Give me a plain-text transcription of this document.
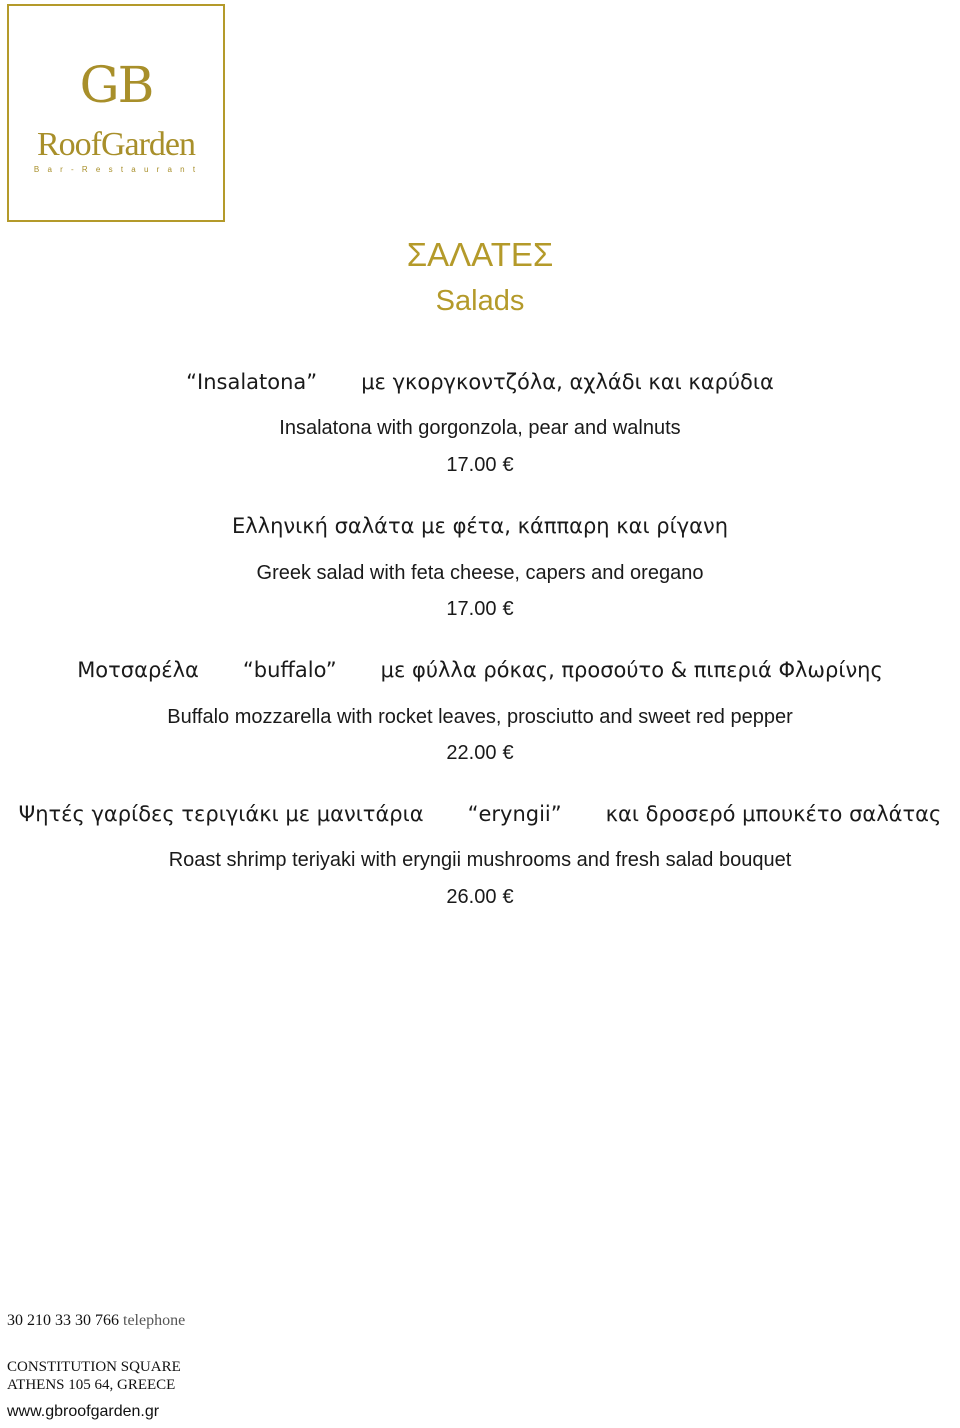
GB
RoofGarden
B a r - R e s t a u r a n t
ΣΑΛΑΤΕΣ
Salads
“Insalatona” με γκοργκοντζόλα, αχλάδι και καρύδια
Insalatona with gorgonzola, pear and walnuts
17.00 €
Ελληνική σαλάτα με φέτα, κάππαρη και ρίγανη
Greek salad with feta cheese, capers and oregano
17.00 €
Μοτσαρέλα “buffalo” με φύλλα ρόκας, προσούτο & πιπεριά Φλωρίνης
Buffalo mozzarella with rocket leaves, prosciutto and sweet red pepper
22.00 €
Ψητές γαρίδες τεριγιάκι με μανιτάρια “eryngii” και δροσερό μπουκέτο σαλάτας
Roast shrimp teriyaki with eryngii mushrooms and fresh salad bouquet
26.00 €
30 210 33 30 766 telephone
CONSTITUTION SQUARE
ATHENS 105 64, GREECE
www.gbroofgarden.gr
